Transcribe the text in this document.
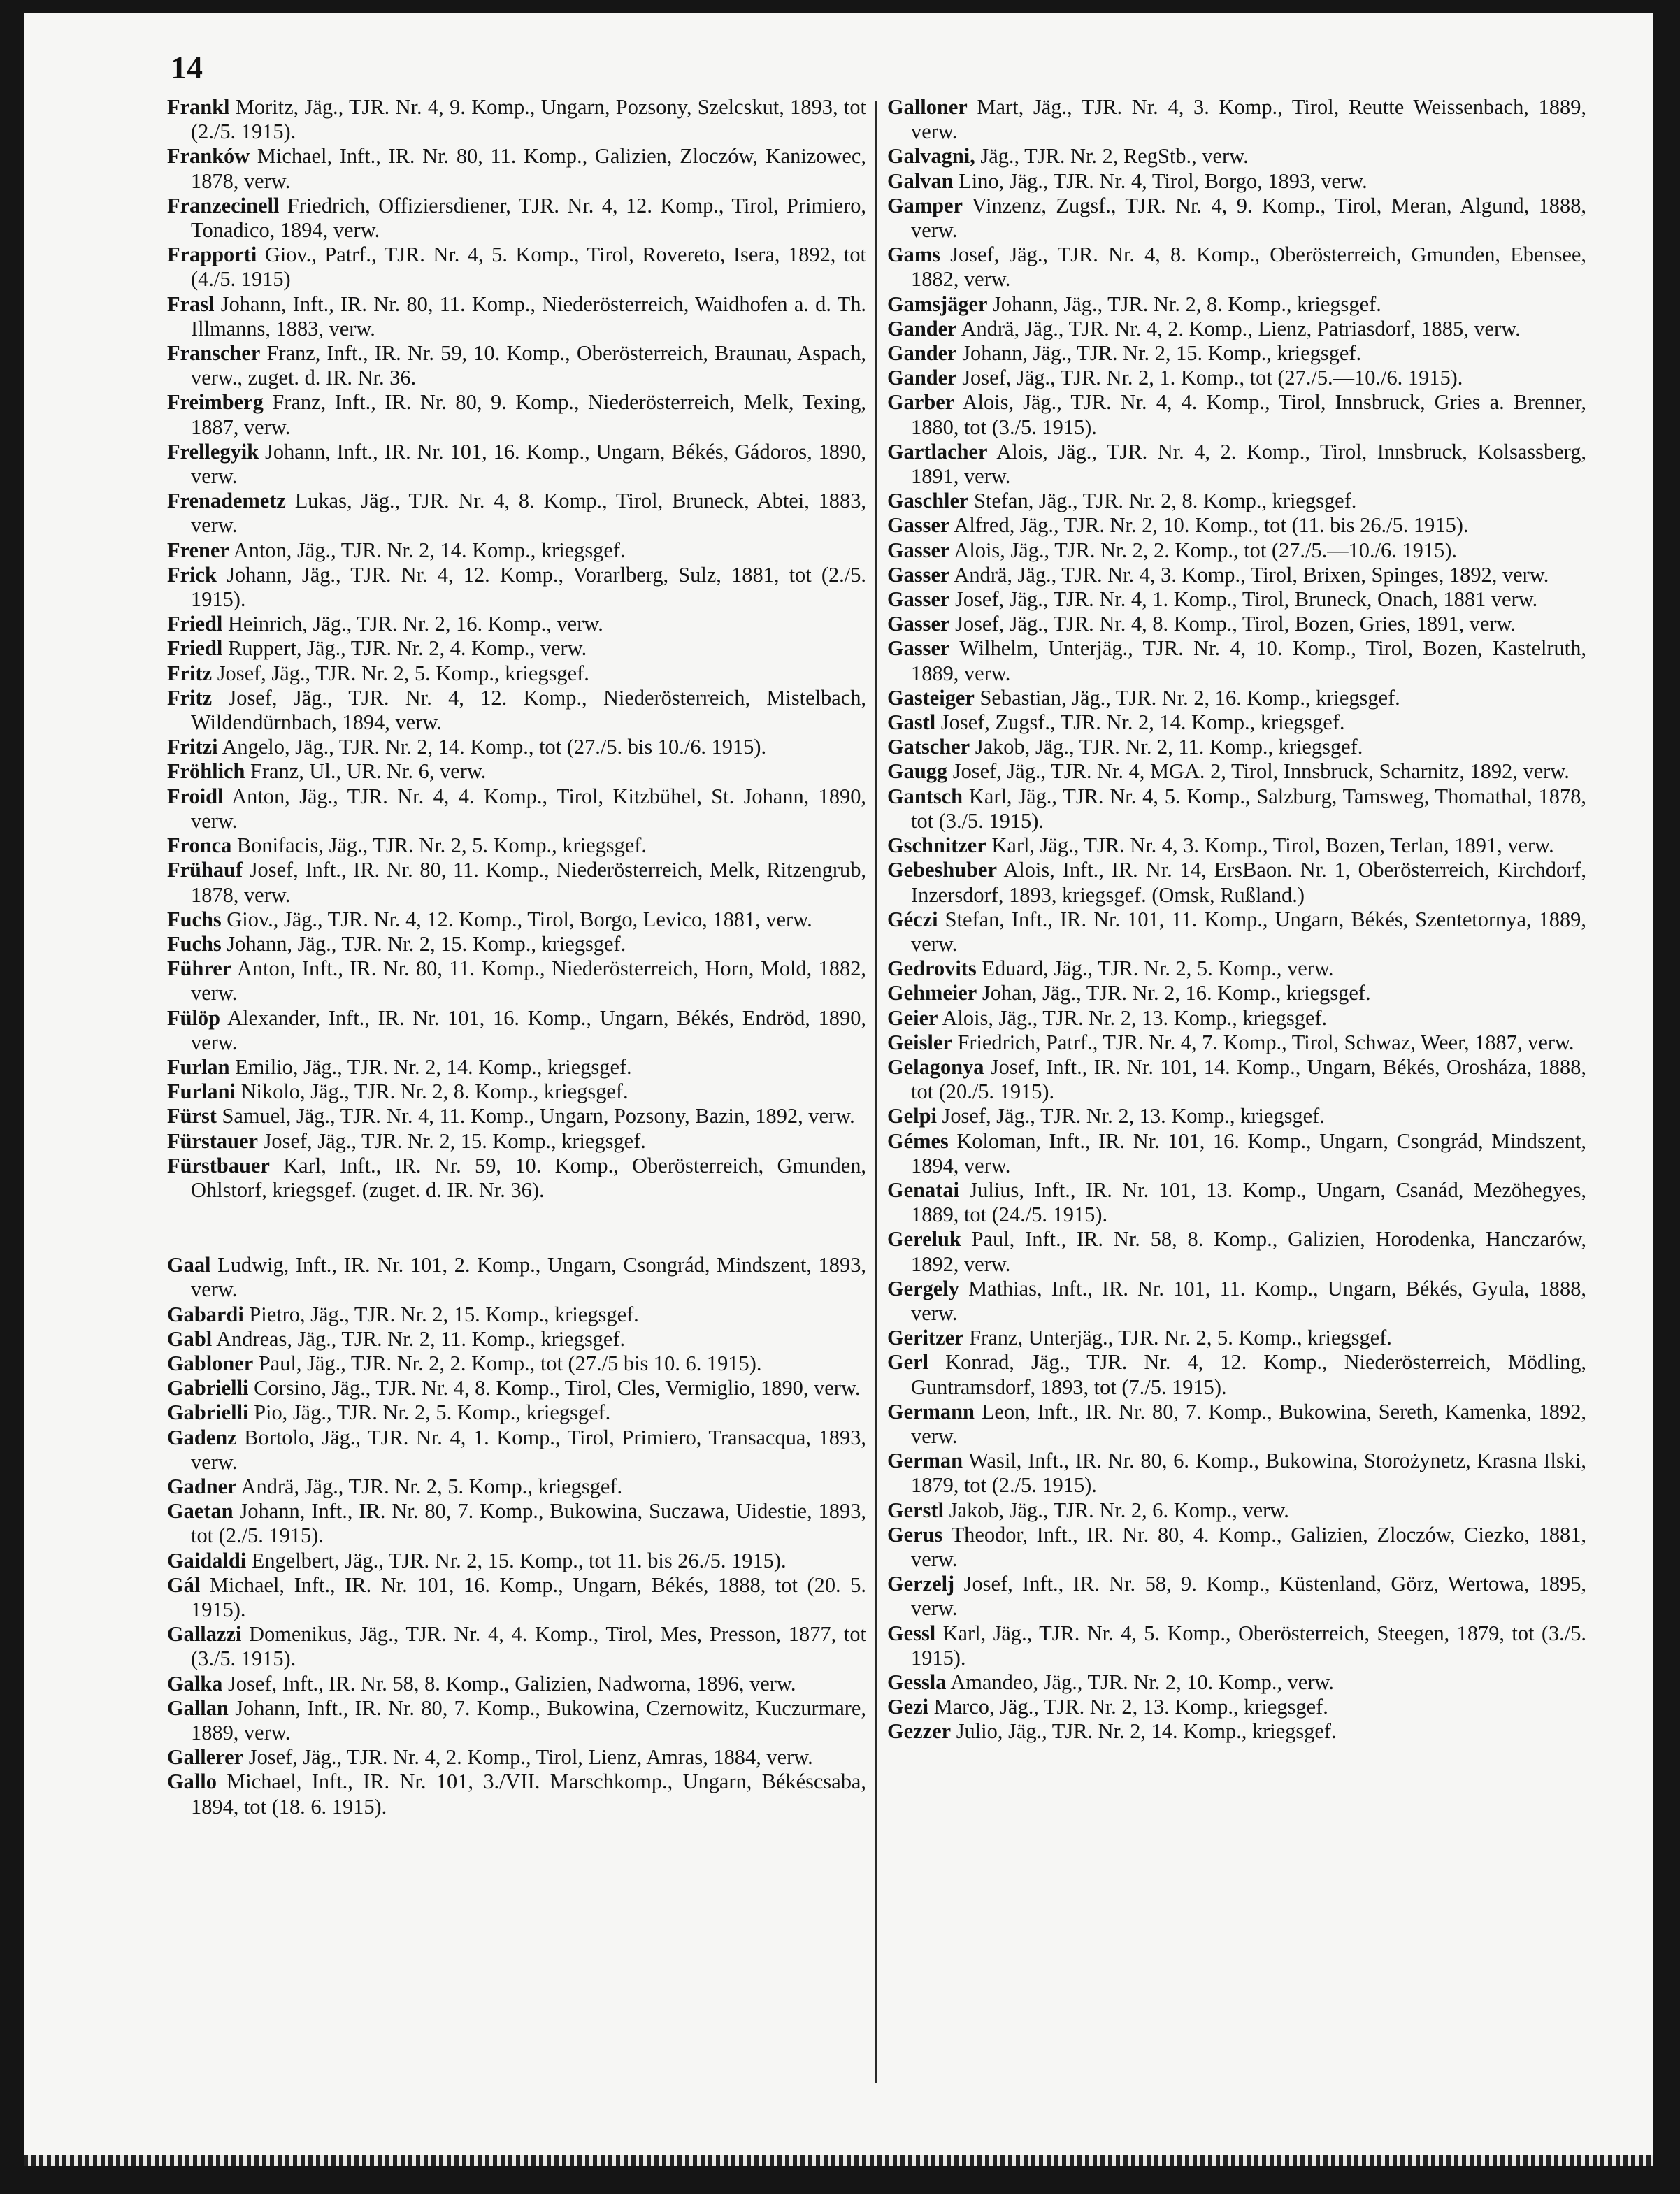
14

Frankl Moritz, Jäg., TJR. Nr. 4, 9. Komp., Ungarn, Pozsony, Szelcskut, 1893, tot (2./5. 1915).

Franków Michael, Inft., IR. Nr. 80, 11. Komp., Galizien, Zloczów, Kanizowec, 1878, verw.

Franzecinell Friedrich, Offiziersdiener, TJR. Nr. 4, 12. Komp., Tirol, Primiero, Tonadico, 1894, verw.

Frapporti Giov., Patrf., TJR. Nr. 4, 5. Komp., Tirol, Rovereto, Isera, 1892, tot (4./5. 1915)

Frasl Johann, Inft., IR. Nr. 80, 11. Komp., Niederösterreich, Waidhofen a. d. Th. Illmanns, 1883, verw.

Franscher Franz, Inft., IR. Nr. 59, 10. Komp., Oberösterreich, Braunau, Aspach, verw., zuget. d. IR. Nr. 36.

Freimberg Franz, Inft., IR. Nr. 80, 9. Komp., Niederösterreich, Melk, Texing, 1887, verw.

Frellegyik Johann, Inft., IR. Nr. 101, 16. Komp., Ungarn, Békés, Gádoros, 1890, verw.

Frenademetz Lukas, Jäg., TJR. Nr. 4, 8. Komp., Tirol, Bruneck, Abtei, 1883, verw.

Frener Anton, Jäg., TJR. Nr. 2, 14. Komp., kriegsgef.

Frick Johann, Jäg., TJR. Nr. 4, 12. Komp., Vorarlberg, Sulz, 1881, tot (2./5. 1915).

Friedl Heinrich, Jäg., TJR. Nr. 2, 16. Komp., verw.

Friedl Ruppert, Jäg., TJR. Nr. 2, 4. Komp., verw.

Fritz Josef, Jäg., TJR. Nr. 2, 5. Komp., kriegsgef.

Fritz Josef, Jäg., TJR. Nr. 4, 12. Komp., Niederösterreich, Mistelbach, Wildendürnbach, 1894, verw.

Fritzi Angelo, Jäg., TJR. Nr. 2, 14. Komp., tot (27./5. bis 10./6. 1915).

Fröhlich Franz, Ul., UR. Nr. 6, verw.

Froidl Anton, Jäg., TJR. Nr. 4, 4. Komp., Tirol, Kitzbühel, St. Johann, 1890, verw.

Fronca Bonifacis, Jäg., TJR. Nr. 2, 5. Komp., kriegsgef.

Frühauf Josef, Inft., IR. Nr. 80, 11. Komp., Niederösterreich, Melk, Ritzengrub, 1878, verw.

Fuchs Giov., Jäg., TJR. Nr. 4, 12. Komp., Tirol, Borgo, Levico, 1881, verw.

Fuchs Johann, Jäg., TJR. Nr. 2, 15. Komp., kriegsgef.

Führer Anton, Inft., IR. Nr. 80, 11. Komp., Niederösterreich, Horn, Mold, 1882, verw.

Fülöp Alexander, Inft., IR. Nr. 101, 16. Komp., Ungarn, Békés, Endröd, 1890, verw.

Furlan Emilio, Jäg., TJR. Nr. 2, 14. Komp., kriegsgef.

Furlani Nikolo, Jäg., TJR. Nr. 2, 8. Komp., kriegsgef.

Fürst Samuel, Jäg., TJR. Nr. 4, 11. Komp., Ungarn, Pozsony, Bazin, 1892, verw.

Fürstauer Josef, Jäg., TJR. Nr. 2, 15. Komp., kriegsgef.

Fürstbauer Karl, Inft., IR. Nr. 59, 10. Komp., Oberösterreich, Gmunden, Ohlstorf, kriegsgef. (zuget. d. IR. Nr. 36).

Gaal Ludwig, Inft., IR. Nr. 101, 2. Komp., Ungarn, Csongrád, Mindszent, 1893, verw.

Gabardi Pietro, Jäg., TJR. Nr. 2, 15. Komp., kriegsgef.

Gabl Andreas, Jäg., TJR. Nr. 2, 11. Komp., kriegsgef.

Gabloner Paul, Jäg., TJR. Nr. 2, 2. Komp., tot (27./5 bis 10. 6. 1915).

Gabrielli Corsino, Jäg., TJR. Nr. 4, 8. Komp., Tirol, Cles, Vermiglio, 1890, verw.

Gabrielli Pio, Jäg., TJR. Nr. 2, 5. Komp., kriegsgef.

Gadenz Bortolo, Jäg., TJR. Nr. 4, 1. Komp., Tirol, Primiero, Transacqua, 1893, verw.

Gadner Andrä, Jäg., TJR. Nr. 2, 5. Komp., kriegsgef.

Gaetan Johann, Inft., IR. Nr. 80, 7. Komp., Bukowina, Suczawa, Uidestie, 1893, tot (2./5. 1915).

Gaidaldi Engelbert, Jäg., TJR. Nr. 2, 15. Komp., tot 11. bis 26./5. 1915).

Gál Michael, Inft., IR. Nr. 101, 16. Komp., Ungarn, Békés, 1888, tot (20. 5. 1915).

Gallazzi Domenikus, Jäg., TJR. Nr. 4, 4. Komp., Tirol, Mes, Presson, 1877, tot (3./5. 1915).

Galka Josef, Inft., IR. Nr. 58, 8. Komp., Galizien, Nadworna, 1896, verw.

Gallan Johann, Inft., IR. Nr. 80, 7. Komp., Bukowina, Czernowitz, Kuczurmare, 1889, verw.

Gallerer Josef, Jäg., TJR. Nr. 4, 2. Komp., Tirol, Lienz, Amras, 1884, verw.

Gallo Michael, Inft., IR. Nr. 101, 3./VII. Marschkomp., Ungarn, Békéscsaba, 1894, tot (18. 6. 1915).

Galloner Mart, Jäg., TJR. Nr. 4, 3. Komp., Tirol, Reutte Weissenbach, 1889, verw.

Galvagni, Jäg., TJR. Nr. 2, RegStb., verw.

Galvan Lino, Jäg., TJR. Nr. 4, Tirol, Borgo, 1893, verw.

Gamper Vinzenz, Zugsf., TJR. Nr. 4, 9. Komp., Tirol, Meran, Algund, 1888, verw.

Gams Josef, Jäg., TJR. Nr. 4, 8. Komp., Oberösterreich, Gmunden, Ebensee, 1882, verw.

Gamsjäger Johann, Jäg., TJR. Nr. 2, 8. Komp., kriegsgef.

Gander Andrä, Jäg., TJR. Nr. 4, 2. Komp., Lienz, Patriasdorf, 1885, verw.

Gander Johann, Jäg., TJR. Nr. 2, 15. Komp., kriegsgef.

Gander Josef, Jäg., TJR. Nr. 2, 1. Komp., tot (27./5.—10./6. 1915).

Garber Alois, Jäg., TJR. Nr. 4, 4. Komp., Tirol, Innsbruck, Gries a. Brenner, 1880, tot (3./5. 1915).

Gartlacher Alois, Jäg., TJR. Nr. 4, 2. Komp., Tirol, Innsbruck, Kolsassberg, 1891, verw.

Gaschler Stefan, Jäg., TJR. Nr. 2, 8. Komp., kriegsgef.

Gasser Alfred, Jäg., TJR. Nr. 2, 10. Komp., tot (11. bis 26./5. 1915).

Gasser Alois, Jäg., TJR. Nr. 2, 2. Komp., tot (27./5.—10./6. 1915).

Gasser Andrä, Jäg., TJR. Nr. 4, 3. Komp., Tirol, Brixen, Spinges, 1892, verw.

Gasser Josef, Jäg., TJR. Nr. 4, 1. Komp., Tirol, Bruneck, Onach, 1881 verw.

Gasser Josef, Jäg., TJR. Nr. 4, 8. Komp., Tirol, Bozen, Gries, 1891, verw.

Gasser Wilhelm, Unterjäg., TJR. Nr. 4, 10. Komp., Tirol, Bozen, Kastelruth, 1889, verw.

Gasteiger Sebastian, Jäg., TJR. Nr. 2, 16. Komp., kriegsgef.

Gastl Josef, Zugsf., TJR. Nr. 2, 14. Komp., kriegsgef.

Gatscher Jakob, Jäg., TJR. Nr. 2, 11. Komp., kriegsgef.

Gaugg Josef, Jäg., TJR. Nr. 4, MGA. 2, Tirol, Innsbruck, Scharnitz, 1892, verw.

Gantsch Karl, Jäg., TJR. Nr. 4, 5. Komp., Salzburg, Tamsweg, Thomathal, 1878, tot (3./5. 1915).

Gschnitzer Karl, Jäg., TJR. Nr. 4, 3. Komp., Tirol, Bozen, Terlan, 1891, verw.

Gebeshuber Alois, Inft., IR. Nr. 14, ErsBaon. Nr. 1, Oberösterreich, Kirchdorf, Inzersdorf, 1893, kriegsgef. (Omsk, Rußland.)

Géczi Stefan, Inft., IR. Nr. 101, 11. Komp., Ungarn, Békés, Szentetornya, 1889, verw.

Gedrovits Eduard, Jäg., TJR. Nr. 2, 5. Komp., verw.

Gehmeier Johan, Jäg., TJR. Nr. 2, 16. Komp., kriegsgef.

Geier Alois, Jäg., TJR. Nr. 2, 13. Komp., kriegsgef.

Geisler Friedrich, Patrf., TJR. Nr. 4, 7. Komp., Tirol, Schwaz, Weer, 1887, verw.

Gelagonya Josef, Inft., IR. Nr. 101, 14. Komp., Ungarn, Békés, Orosháza, 1888, tot (20./5. 1915).

Gelpi Josef, Jäg., TJR. Nr. 2, 13. Komp., kriegsgef.

Gémes Koloman, Inft., IR. Nr. 101, 16. Komp., Ungarn, Csongrád, Mindszent, 1894, verw.

Genatai Julius, Inft., IR. Nr. 101, 13. Komp., Ungarn, Csanád, Mezöhegyes, 1889, tot (24./5. 1915).

Gereluk Paul, Inft., IR. Nr. 58, 8. Komp., Galizien, Horodenka, Hanczarów, 1892, verw.

Gergely Mathias, Inft., IR. Nr. 101, 11. Komp., Ungarn, Békés, Gyula, 1888, verw.

Geritzer Franz, Unterjäg., TJR. Nr. 2, 5. Komp., kriegsgef.

Gerl Konrad, Jäg., TJR. Nr. 4, 12. Komp., Niederösterreich, Mödling, Guntramsdorf, 1893, tot (7./5. 1915).

Germann Leon, Inft., IR. Nr. 80, 7. Komp., Bukowina, Sereth, Kamenka, 1892, verw.

German Wasil, Inft., IR. Nr. 80, 6. Komp., Bukowina, Storożynetz, Krasna Ilski, 1879, tot (2./5. 1915).

Gerstl Jakob, Jäg., TJR. Nr. 2, 6. Komp., verw.

Gerus Theodor, Inft., IR. Nr. 80, 4. Komp., Galizien, Zloczów, Ciezko, 1881, verw.

Gerzelj Josef, Inft., IR. Nr. 58, 9. Komp., Küstenland, Görz, Wertowa, 1895, verw.

Gessl Karl, Jäg., TJR. Nr. 4, 5. Komp., Oberösterreich, Steegen, 1879, tot (3./5. 1915).

Gessla Amandeo, Jäg., TJR. Nr. 2, 10. Komp., verw.

Gezi Marco, Jäg., TJR. Nr. 2, 13. Komp., kriegsgef.

Gezzer Julio, Jäg., TJR. Nr. 2, 14. Komp., kriegsgef.
